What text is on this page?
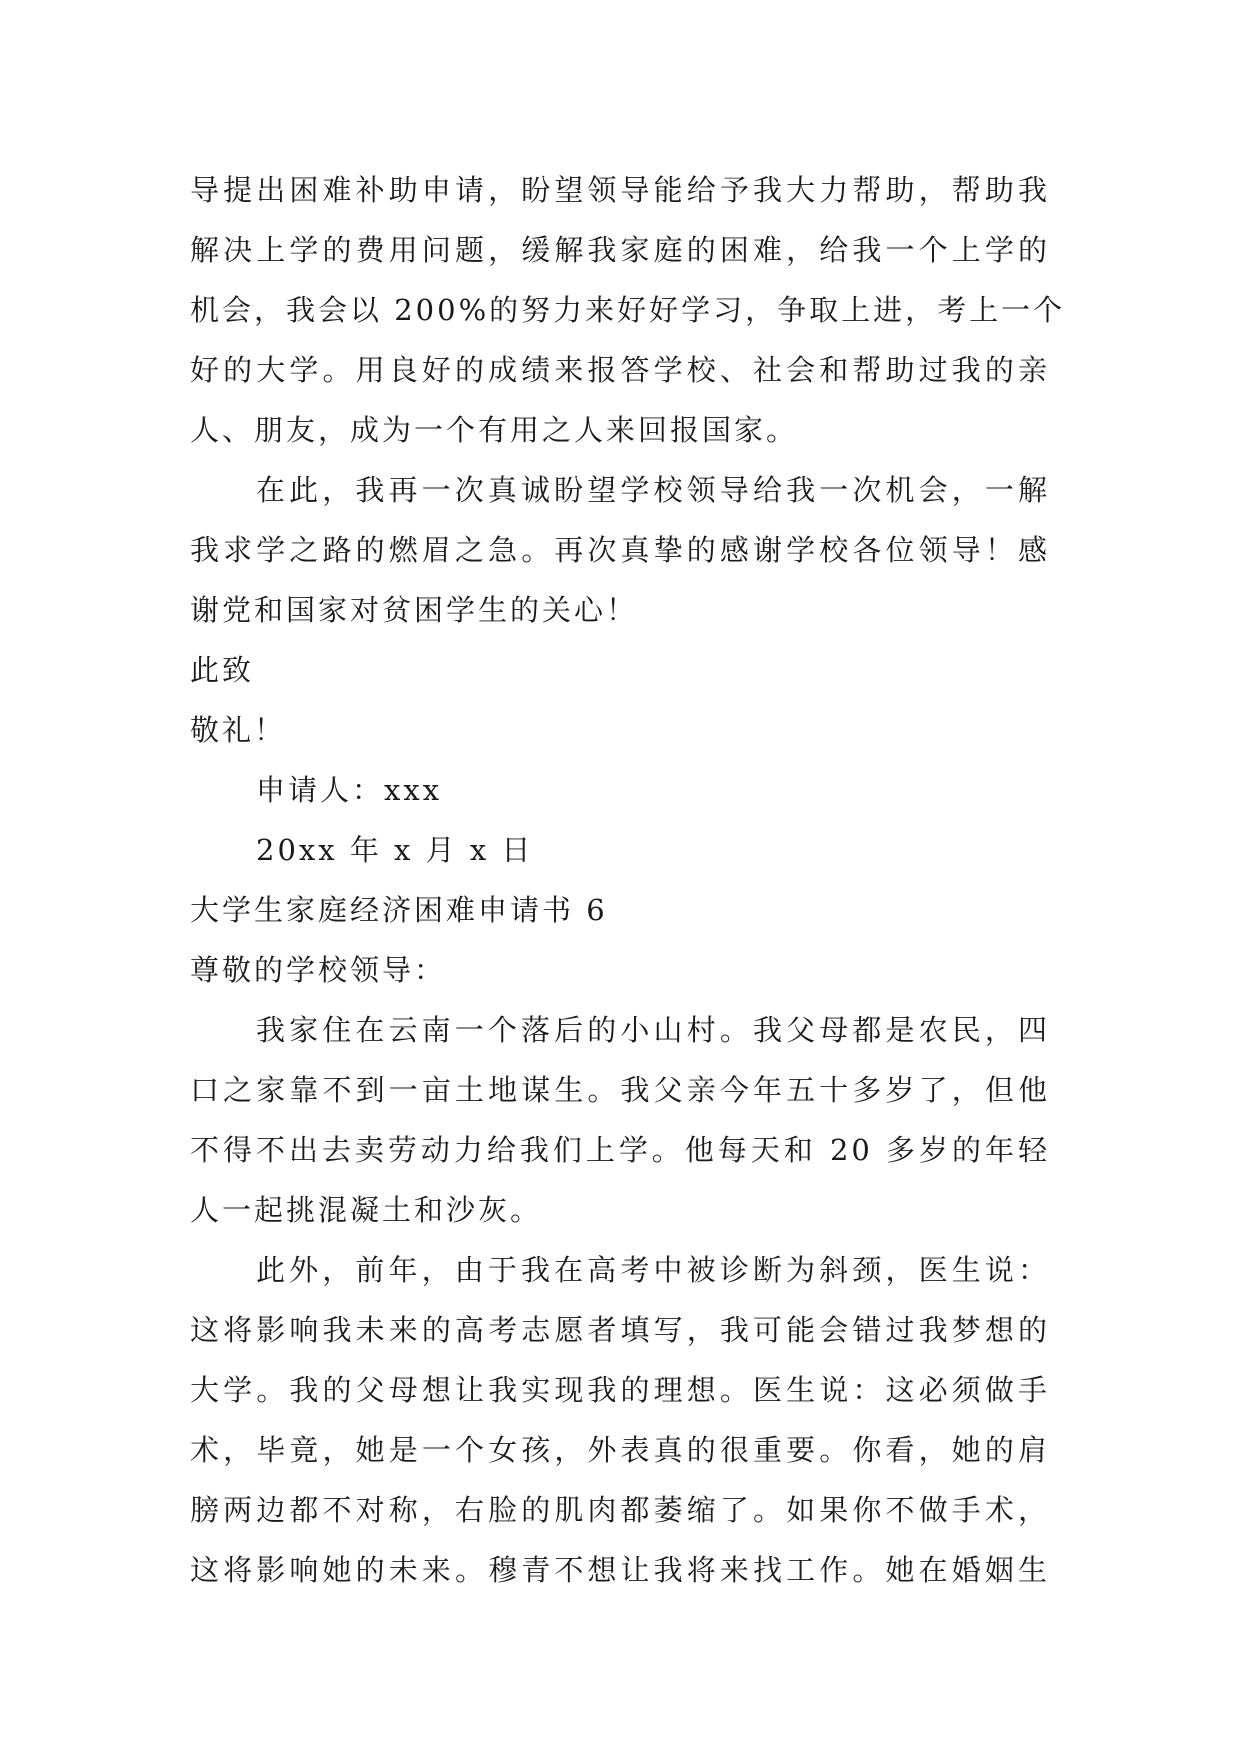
导提出困难补助申请，盼望领导能给予我大力帮助，帮助我
解决上学的费用问题，缓解我家庭的困难，给我一个上学的
机会，我会以 200%的努力来好好学习，争取上进，考上一个
好的大学。用良好的成绩来报答学校、社会和帮助过我的亲
人、朋友，成为一个有用之人来回报国家。
在此，我再一次真诚盼望学校领导给我一次机会，一解
我求学之路的燃眉之急。再次真挚的感谢学校各位领导！感
谢党和国家对贫困学生的关心！
此致
敬礼！
申请人：xxx
20xx 年 x 月 x 日
大学生家庭经济困难申请书 6
尊敬的学校领导：
我家住在云南一个落后的小山村。我父母都是农民，四
口之家靠不到一亩土地谋生。我父亲今年五十多岁了，但他
不得不出去卖劳动力给我们上学。他每天和 20 多岁的年轻
人一起挑混凝土和沙灰。
此外，前年，由于我在高考中被诊断为斜颈，医生说：
这将影响我未来的高考志愿者填写，我可能会错过我梦想的
大学。我的父母想让我实现我的理想。医生说：这必须做手
术，毕竟，她是一个女孩，外表真的很重要。你看，她的肩
膀两边都不对称，右脸的肌肉都萎缩了。如果你不做手术，
这将影响她的未来。穆青不想让我将来找工作。她在婚姻生
